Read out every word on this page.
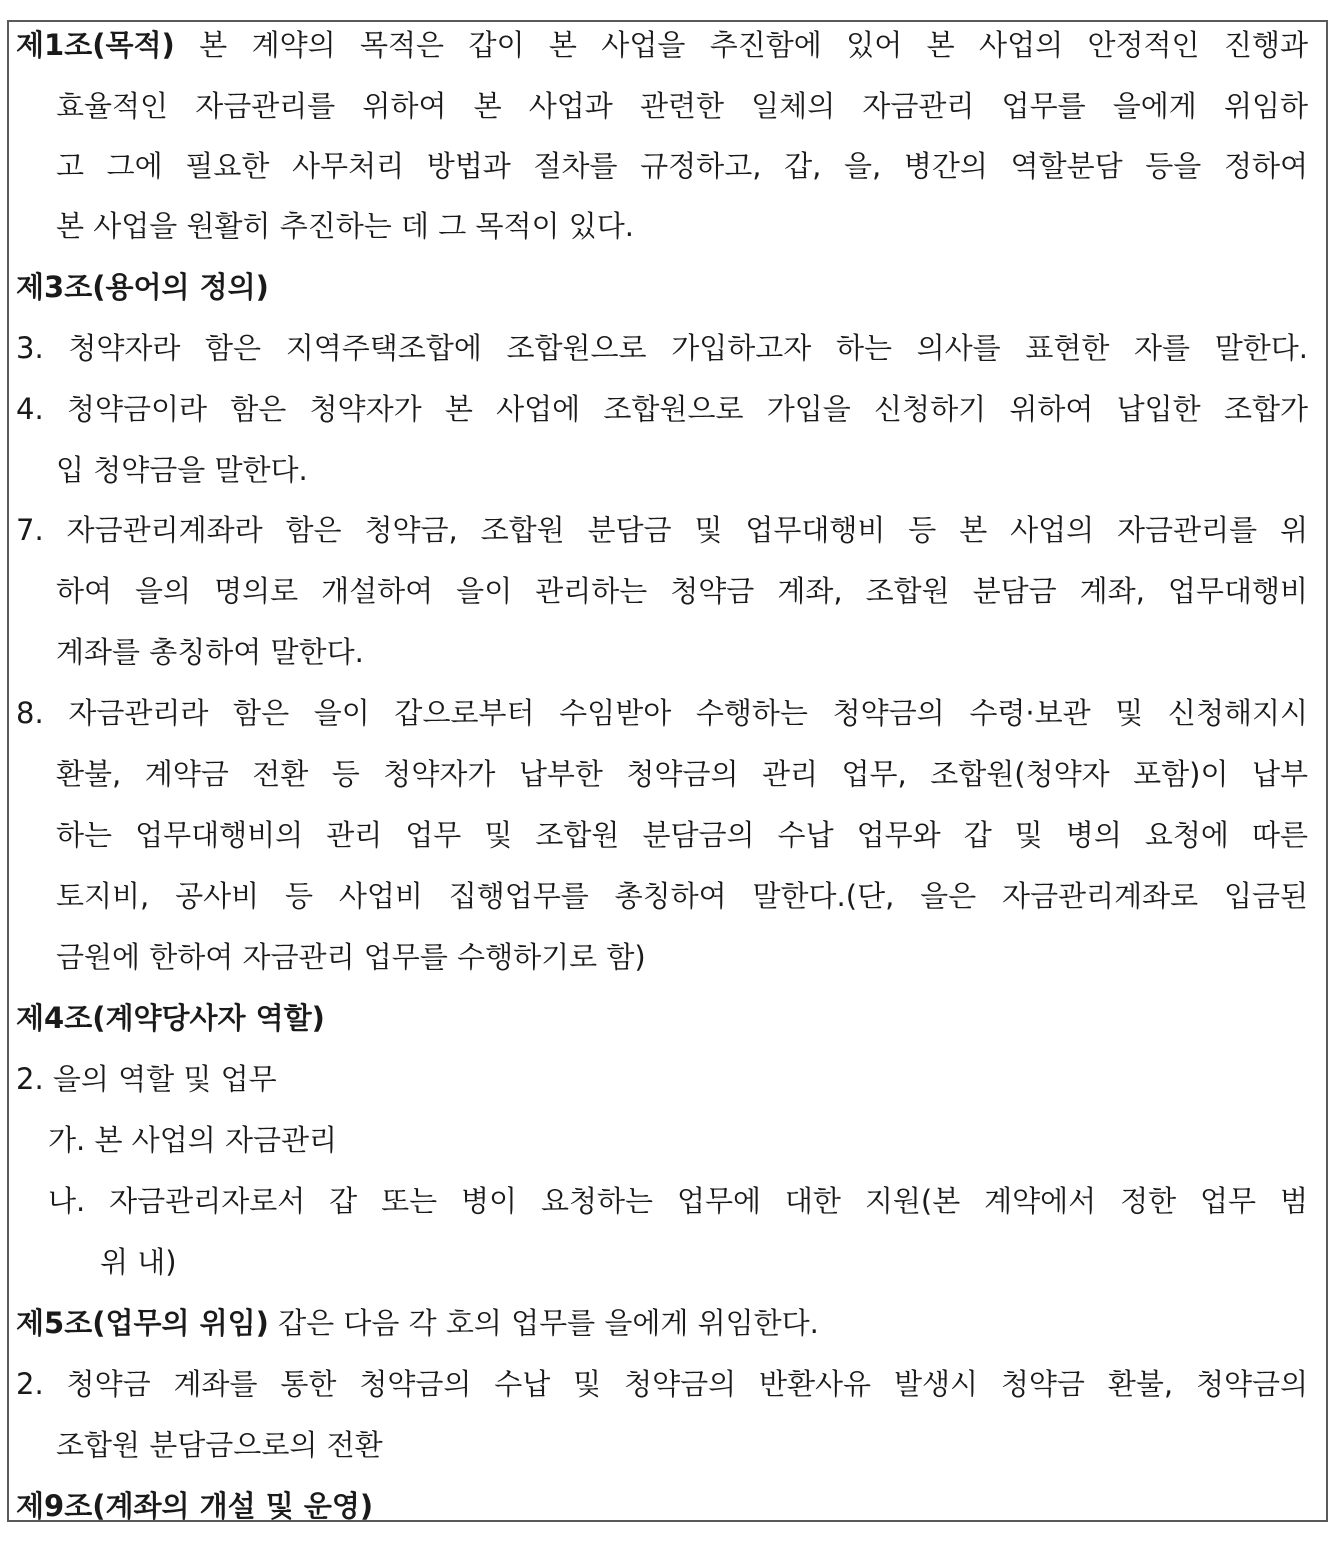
제1조(목적) 본 계약의 목적은 갑이 본 사업을 추진함에 있어 본 사업의 안정적인 진행과
효율적인 자금관리를 위하여 본 사업과 관련한 일체의 자금관리 업무를 을에게 위임하
고 그에 필요한 사무처리 방법과 절차를 규정하고, 갑, 을, 병간의 역할분담 등을 정하여
본 사업을 원활히 추진하는 데 그 목적이 있다.
제3조(용어의 정의)
3. 청약자라 함은 지역주택조합에 조합원으로 가입하고자 하는 의사를 표현한 자를 말한다.
4. 청약금이라 함은 청약자가 본 사업에 조합원으로 가입을 신청하기 위하여 납입한 조합가
입 청약금을 말한다.
7. 자금관리계좌라 함은 청약금, 조합원 분담금 및 업무대행비 등 본 사업의 자금관리를 위
하여 을의 명의로 개설하여 을이 관리하는 청약금 계좌, 조합원 분담금 계좌, 업무대행비
계좌를 총칭하여 말한다.
8. 자금관리라 함은 을이 갑으로부터 수임받아 수행하는 청약금의 수령·보관 및 신청해지시
환불, 계약금 전환 등 청약자가 납부한 청약금의 관리 업무, 조합원(청약자 포함)이 납부
하는 업무대행비의 관리 업무 및 조합원 분담금의 수납 업무와 갑 및 병의 요청에 따른
토지비, 공사비 등 사업비 집행업무를 총칭하여 말한다.(단, 을은 자금관리계좌로 입금된
금원에 한하여 자금관리 업무를 수행하기로 함)
제4조(계약당사자 역할)
2. 을의 역할 및 업무
가. 본 사업의 자금관리
나. 자금관리자로서 갑 또는 병이 요청하는 업무에 대한 지원(본 계약에서 정한 업무 범
위 내)
제5조(업무의 위임) 갑은 다음 각 호의 업무를 을에게 위임한다.
2. 청약금 계좌를 통한 청약금의 수납 및 청약금의 반환사유 발생시 청약금 환불, 청약금의
조합원 분담금으로의 전환
제9조(계좌의 개설 및 운영)
